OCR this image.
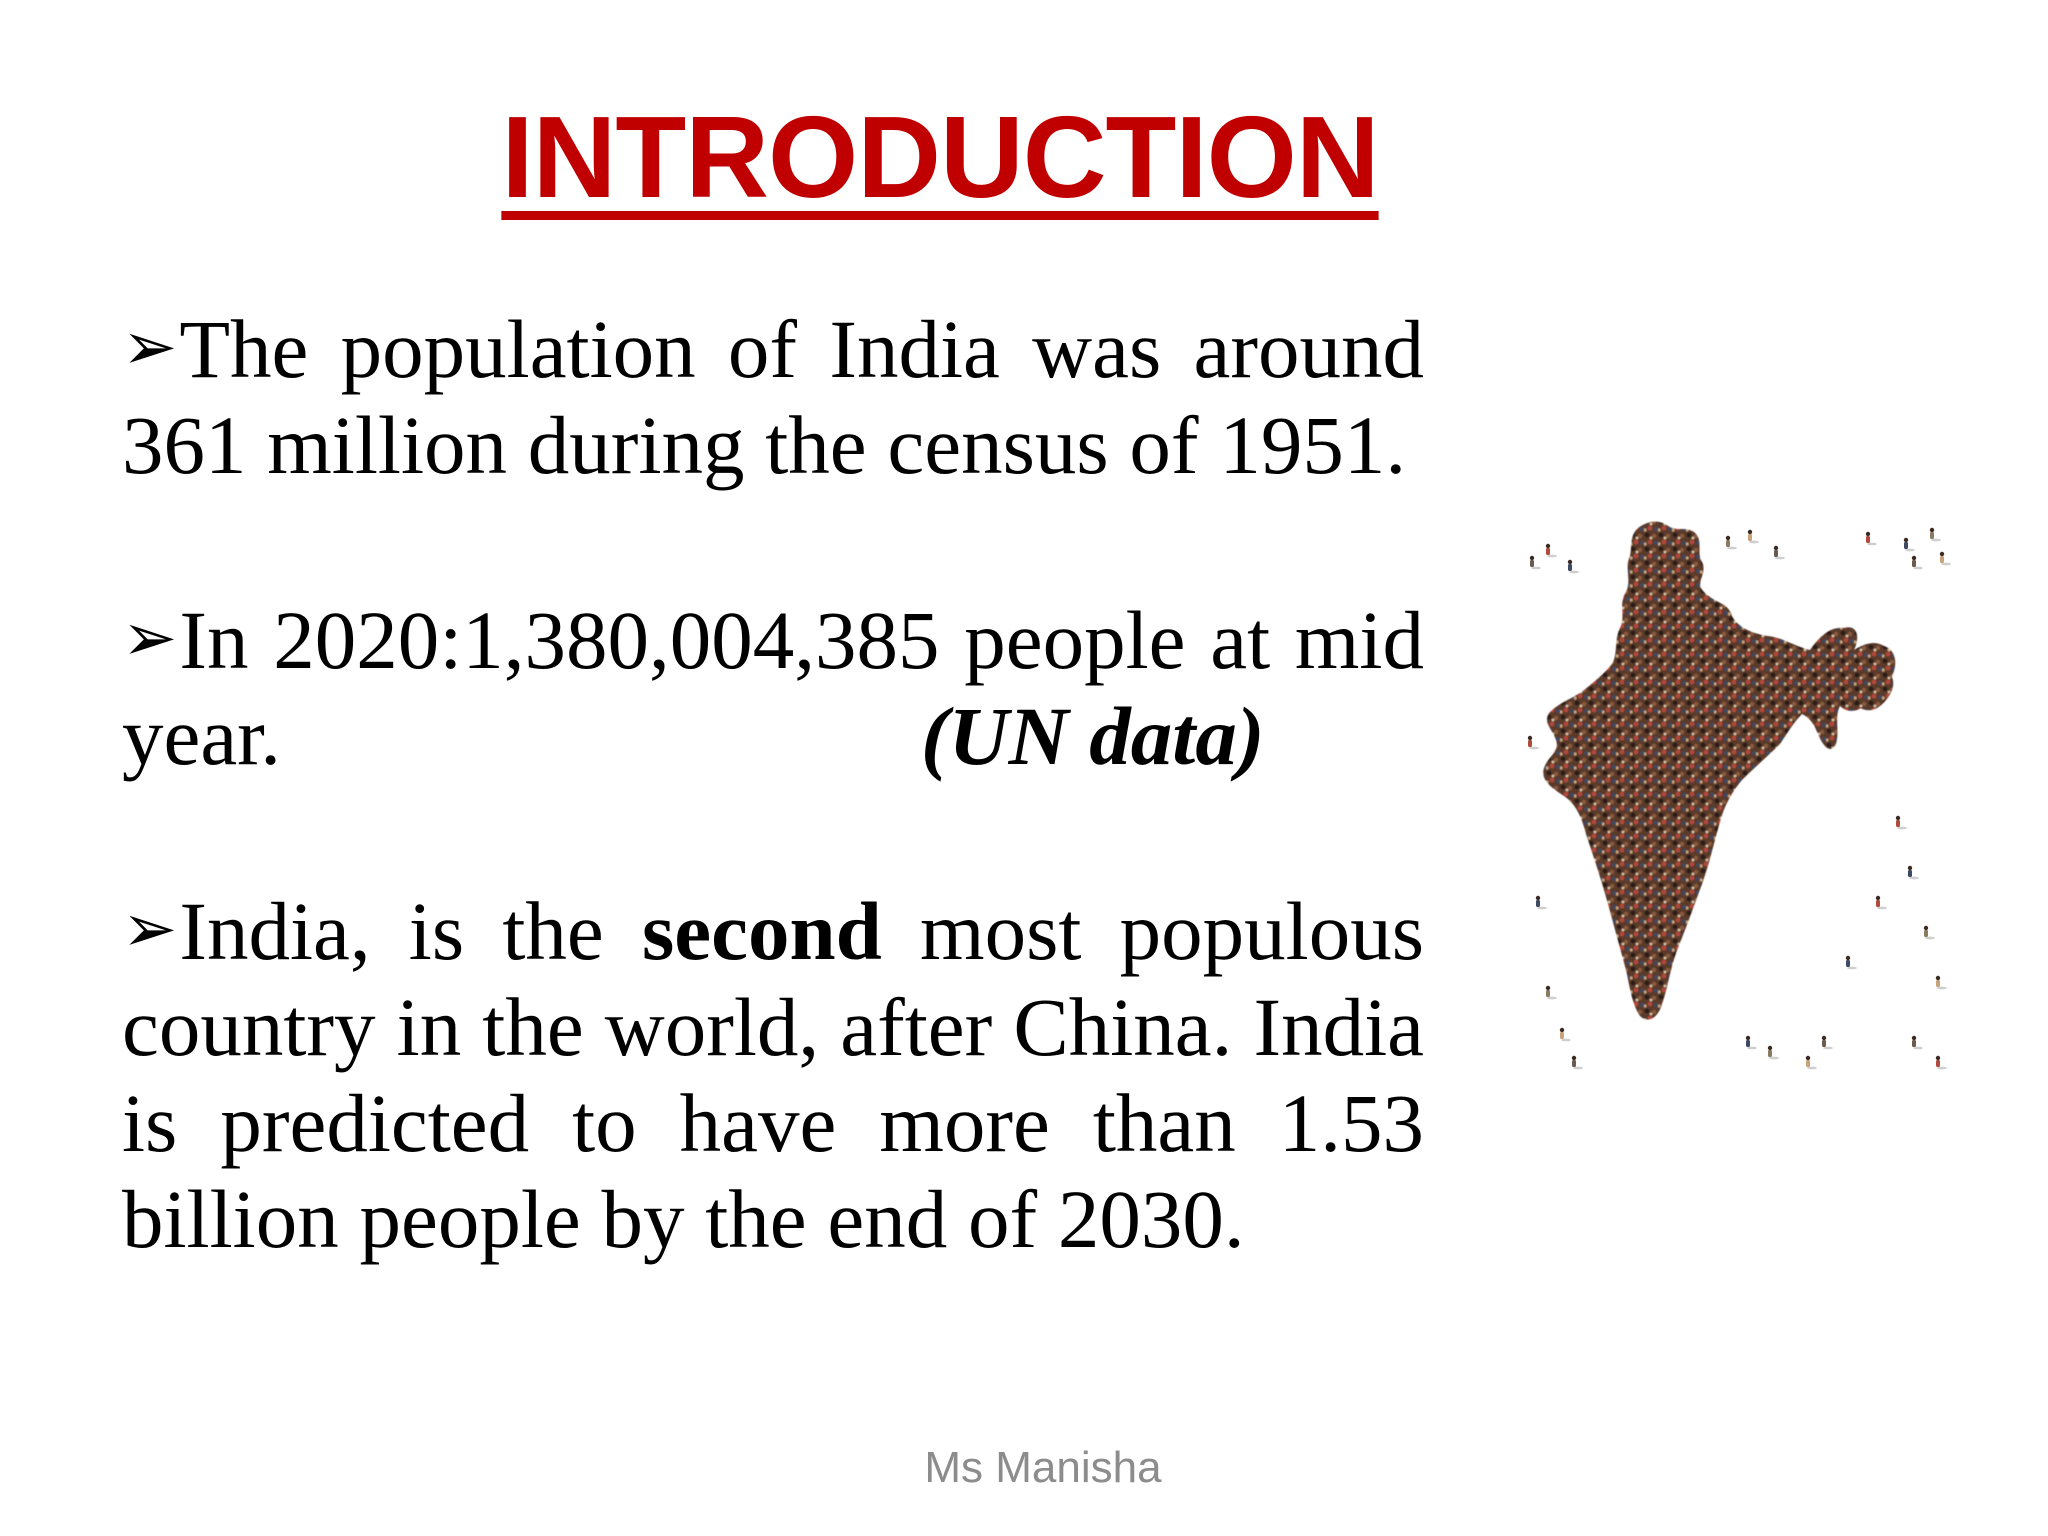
INTRODUCTION

➢The population of India was around 361 million during the census of 1951.

➢In 2020:1,380,004,385 people at mid year.	(UN data)

➢India, is the second most populous country in the world, after China. India is predicted to have more than 1.53 billion people by the end of 2030.

Ms Manisha
